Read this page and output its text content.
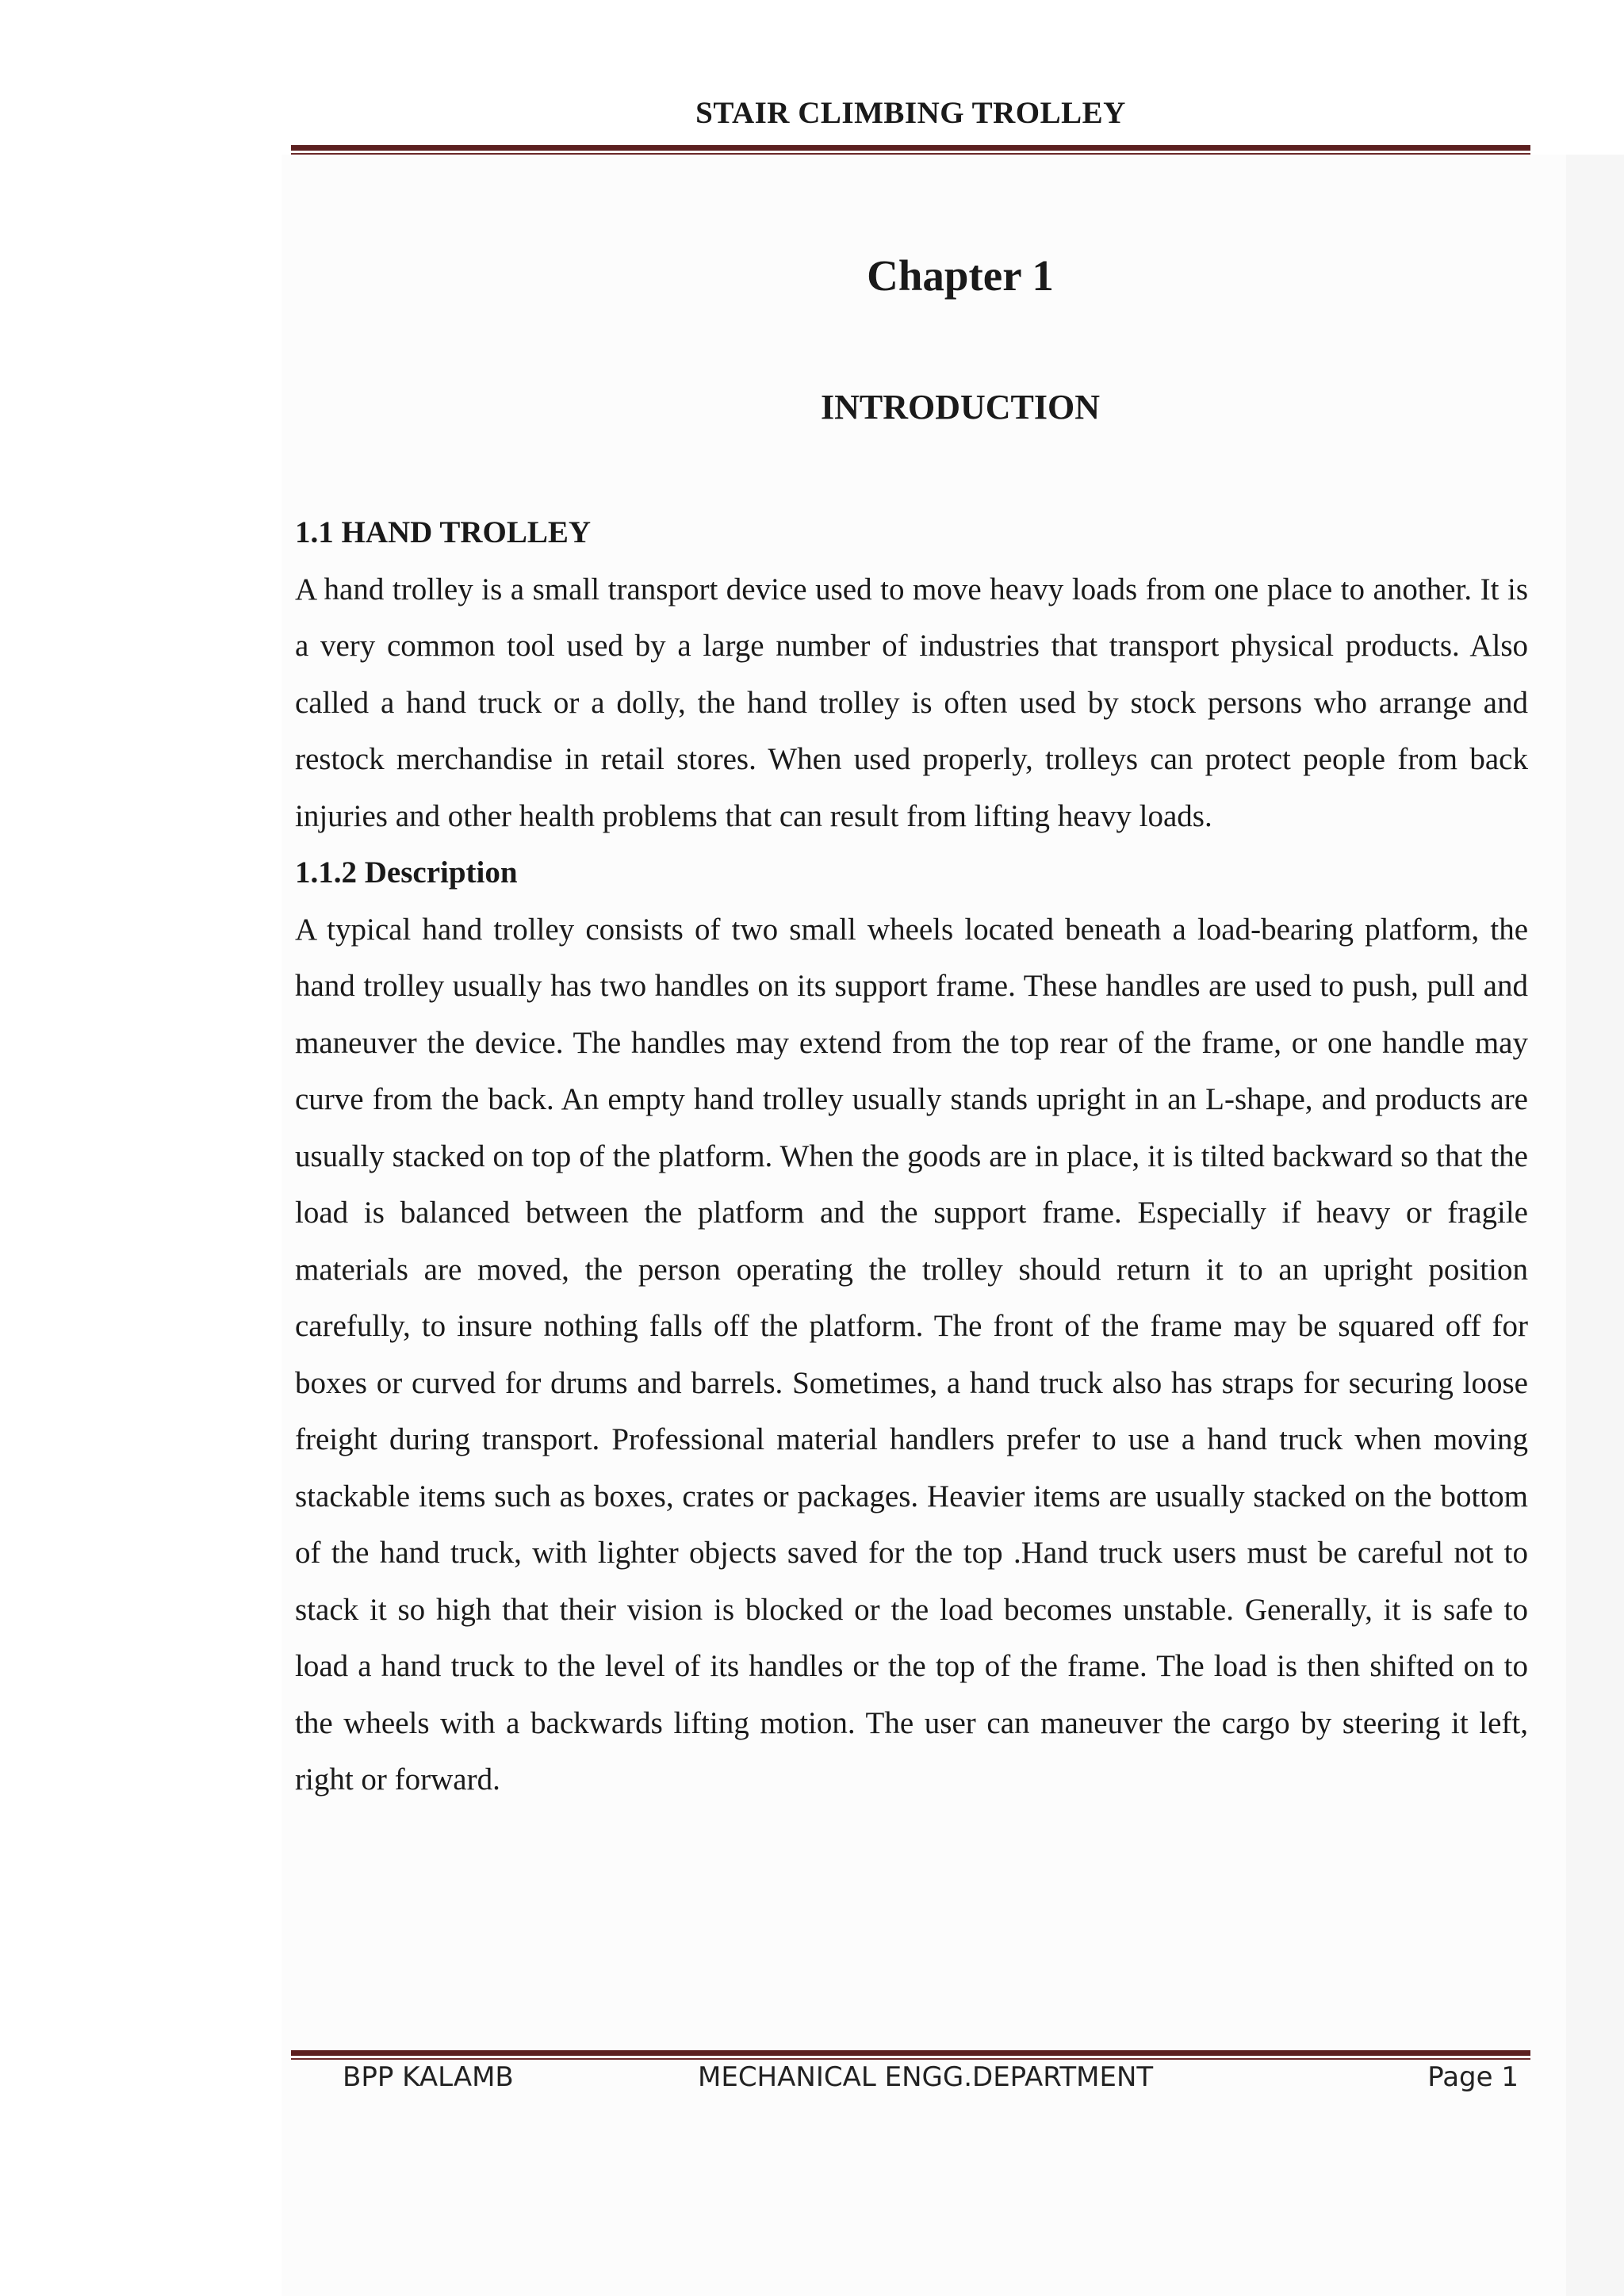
STAIR CLIMBING TROLLEY
Chapter 1
INTRODUCTION
1.1 HAND TROLLEY

A hand trolley is a small transport device used to move heavy loads from one place to another. It is a very common tool used by a large number of industries that transport physical products. Also called a hand truck or a dolly, the hand trolley is often used by stock persons who arrange and restock merchandise in retail stores. When used properly, trolleys can protect people from back injuries and other health problems that can result from lifting heavy loads.

1.1.2 Description

A typical hand trolley consists of two small wheels located beneath a load-bearing platform, the hand trolley usually has two handles on its support frame. These handles are used to push, pull and maneuver the device. The handles may extend from the top rear of the frame, or one handle may curve from the back. An empty hand trolley usually stands upright in an L-shape, and products are usually stacked on top of the platform. When the goods are in place, it is tilted backward so that the load is balanced between the platform and the support frame. Especially if heavy or fragile materials are moved, the person operating the trolley should return it to an upright position carefully, to insure nothing falls off the platform. The front of the frame may be squared off for boxes or curved for drums and barrels. Sometimes, a hand truck also has straps for securing loose freight during transport. Professional material handlers prefer to use a hand truck when moving stackable items such as boxes, crates or packages. Heavier items are usually stacked on the bottom of the hand truck, with lighter objects saved for the top .Hand truck users must be careful not to stack it so high that their vision is blocked or the load becomes unstable. Generally, it is safe to load a hand truck to the level of its handles or the top of the frame. The load is then shifted on to the wheels with a backwards lifting motion. The user can maneuver the cargo by steering it left, right or forward.

BPP KALAMB	MECHANICAL ENGG.DEPARTMENT	Page 1
